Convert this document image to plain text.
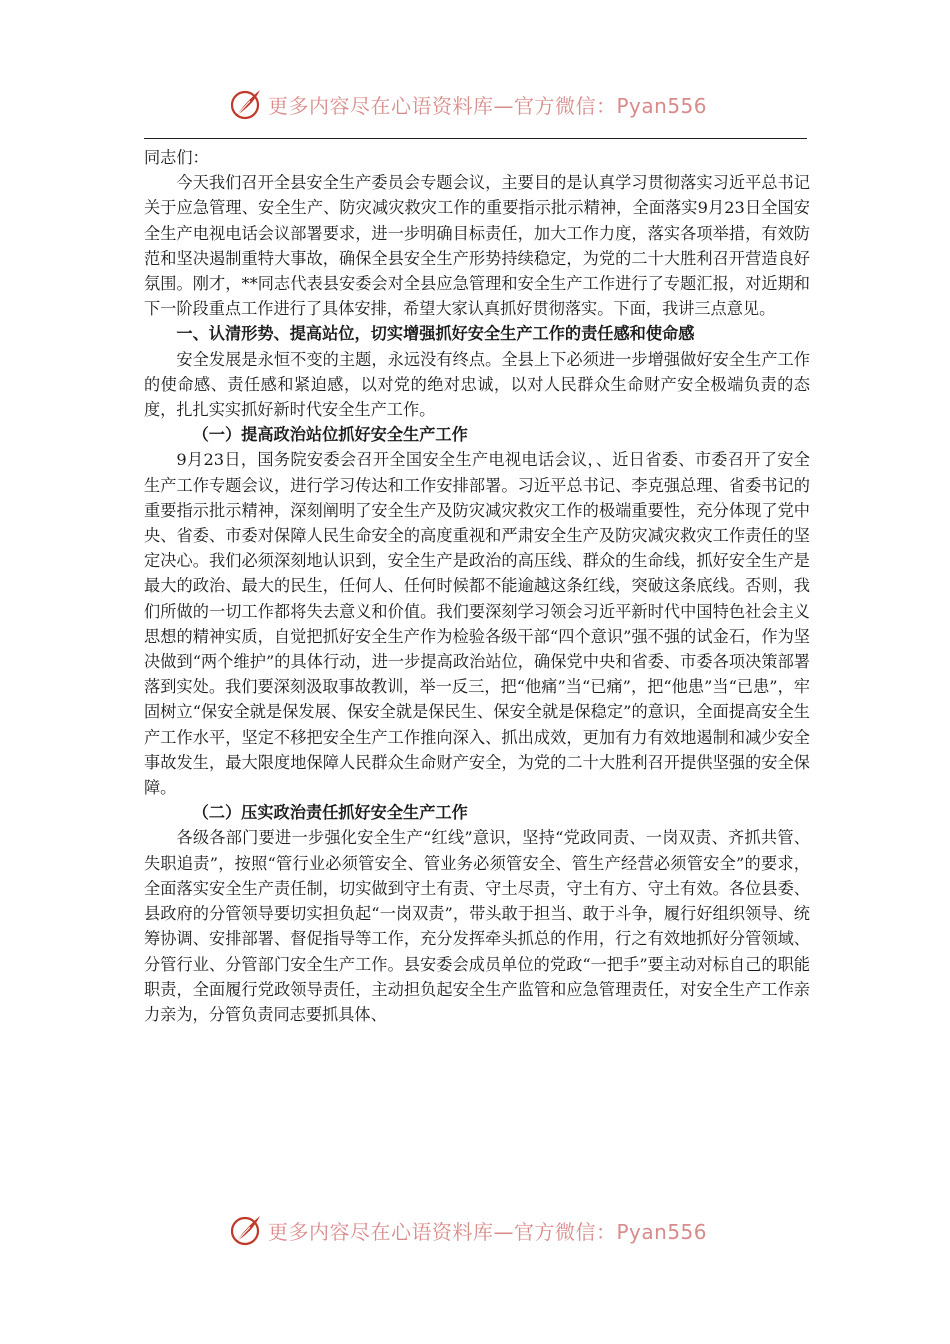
更多内容尽在心语资料库—官方微信：Pyan556

同志们：

今天我们召开全县安全生产委员会专题会议，主要目的是认真学习贯彻落实习近平总书记关于应急管理、安全生产、防灾减灾救灾工作的重要指示批示精神，全面落实9月23日全国安全生产电视电话会议部署要求，进一步明确目标责任，加大工作力度，落实各项举措，有效防范和坚决遏制重特大事故，确保全县安全生产形势持续稳定，为党的二十大胜利召开营造良好氛围。刚才，**同志代表县安委会对全县应急管理和安全生产工作进行了专题汇报，对近期和下一阶段重点工作进行了具体安排，希望大家认真抓好贯彻落实。下面，我讲三点意见。

一、认清形势、提高站位，切实增强抓好安全生产工作的责任感和使命感

安全发展是永恒不变的主题，永远没有终点。全县上下必须进一步增强做好安全生产工作的使命感、责任感和紧迫感，以对党的绝对忠诚，以对人民群众生命财产安全极端负责的态度，扎扎实实抓好新时代安全生产工作。

（一）提高政治站位抓好安全生产工作

9月23日，国务院安委会召开全国安全生产电视电话会议，、近日省委、市委召开了安全生产工作专题会议，进行学习传达和工作安排部署。习近平总书记、李克强总理、省委书记的重要指示批示精神，深刻阐明了安全生产及防灾减灾救灾工作的极端重要性，充分体现了党中央、省委、市委对保障人民生命安全的高度重视和严肃安全生产及防灾减灾救灾工作责任的坚定决心。我们必须深刻地认识到，安全生产是政治的高压线、群众的生命线，抓好安全生产是最大的政治、最大的民生，任何人、任何时候都不能逾越这条红线，突破这条底线。否则，我们所做的一切工作都将失去意义和价值。我们要深刻学习领会习近平新时代中国特色社会主义思想的精神实质，自觉把抓好安全生产作为检验各级干部“四个意识”强不强的试金石，作为坚决做到“两个维护”的具体行动，进一步提高政治站位，确保党中央和省委、市委各项决策部署落到实处。我们要深刻汲取事故教训，举一反三，把“他痛”当“已痛”，把“他患”当“已患”，牢固树立“保安全就是保发展、保安全就是保民生、保安全就是保稳定”的意识，全面提高安全生产工作水平，坚定不移把安全生产工作推向深入、抓出成效，更加有力有效地遏制和减少安全事故发生，最大限度地保障人民群众生命财产安全，为党的二十大胜利召开提供坚强的安全保障。

（二）压实政治责任抓好安全生产工作

各级各部门要进一步强化安全生产“红线”意识，坚持“党政同责、一岗双责、齐抓共管、失职追责”，按照“管行业必须管安全、管业务必须管安全、管生产经营必须管安全”的要求，全面落实安全生产责任制，切实做到守土有责、守土尽责，守土有方、守土有效。各位县委、县政府的分管领导要切实担负起“一岗双责”，带头敢于担当、敢于斗争，履行好组织领导、统筹协调、安排部署、督促指导等工作，充分发挥牵头抓总的作用，行之有效地抓好分管领域、分管行业、分管部门安全生产工作。县安委会成员单位的党政“一把手”要主动对标自己的职能职责，全面履行党政领导责任，主动担负起安全生产监管和应急管理责任，对安全生产工作亲力亲为，分管负责同志要抓具体、

更多内容尽在心语资料库—官方微信：Pyan556
